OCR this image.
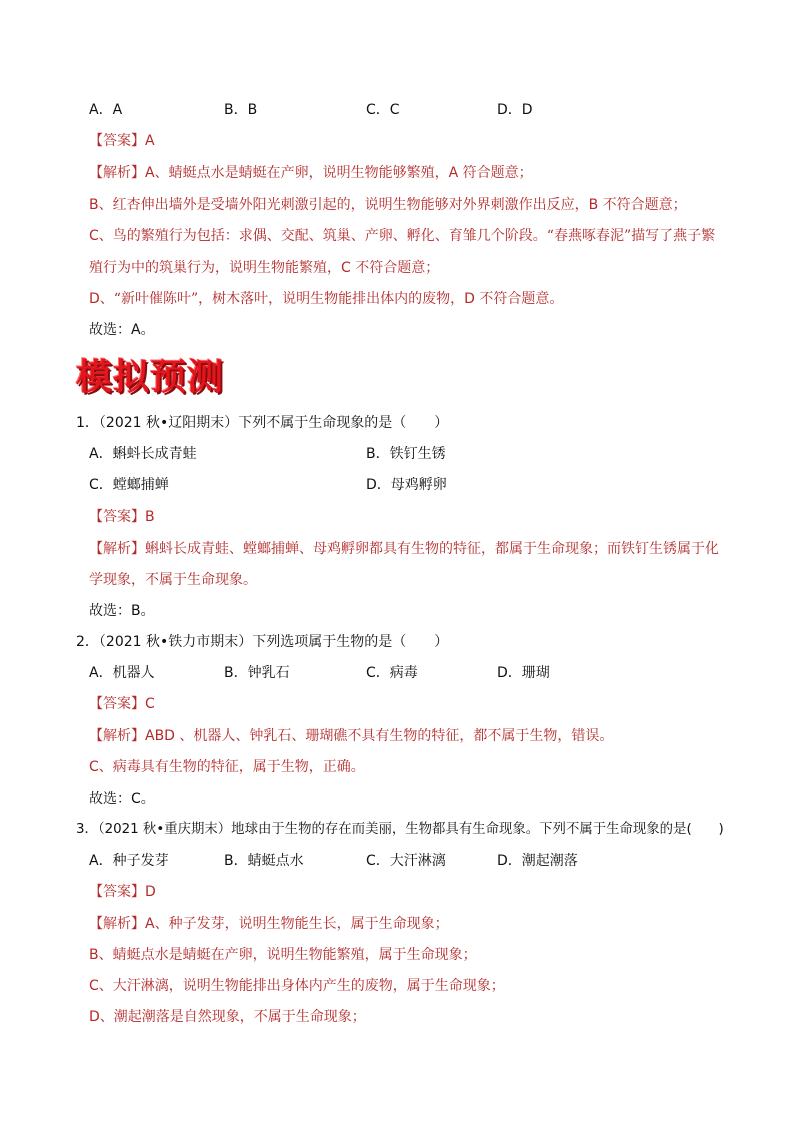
A．A	B．B	C．C	D．D
【答案】A
【解析】A、蜻蜓点水是蜻蜓在产卵，说明生物能够繁殖，A 符合题意；
B、红杏伸出墙外是受墙外阳光刺激引起的，说明生物能够对外界刺激作出反应，B 不符合题意；
C、鸟的繁殖行为包括：求偶、交配、筑巢、产卵、孵化、育雏几个阶段。“春燕啄春泥”描写了燕子繁
殖行为中的筑巢行为，说明生物能繁殖，C 不符合题意；
D、“新叶催陈叶”，树木落叶，说明生物能排出体内的废物，D 不符合题意。
故选：A。
模拟预测
1．（2021 秋•辽阳期末）下列不属于生命现象的是（　　）
A．蝌蚪长成青蛙	B．铁钉生锈
C．螳螂捕蝉	D．母鸡孵卵
【答案】B
【解析】蝌蚪长成青蛙、螳螂捕蝉、母鸡孵卵都具有生物的特征，都属于生命现象；而铁钉生锈属于化
学现象，不属于生命现象。
故选：B。
2．（2021 秋•铁力市期末）下列选项属于生物的是（　　）
A．机器人	B．钟乳石	C．病毒	D．珊瑚
【答案】C
【解析】ABD 、机器人、钟乳石、珊瑚礁不具有生物的特征，都不属于生物，错误。
C、病毒具有生物的特征，属于生物，正确。
故选：C。
3．（2021 秋•重庆期末）地球由于生物的存在而美丽，生物都具有生命现象。下列不属于生命现象的是(　　)
A．种子发芽	B．蜻蜓点水	C．大汗淋漓	D．潮起潮落
【答案】D
【解析】A、种子发芽，说明生物能生长，属于生命现象；
B、蜻蜓点水是蜻蜓在产卵，说明生物能繁殖，属于生命现象；
C、大汗淋漓，说明生物能排出身体内产生的废物，属于生命现象；
D、潮起潮落是自然现象，不属于生命现象；
